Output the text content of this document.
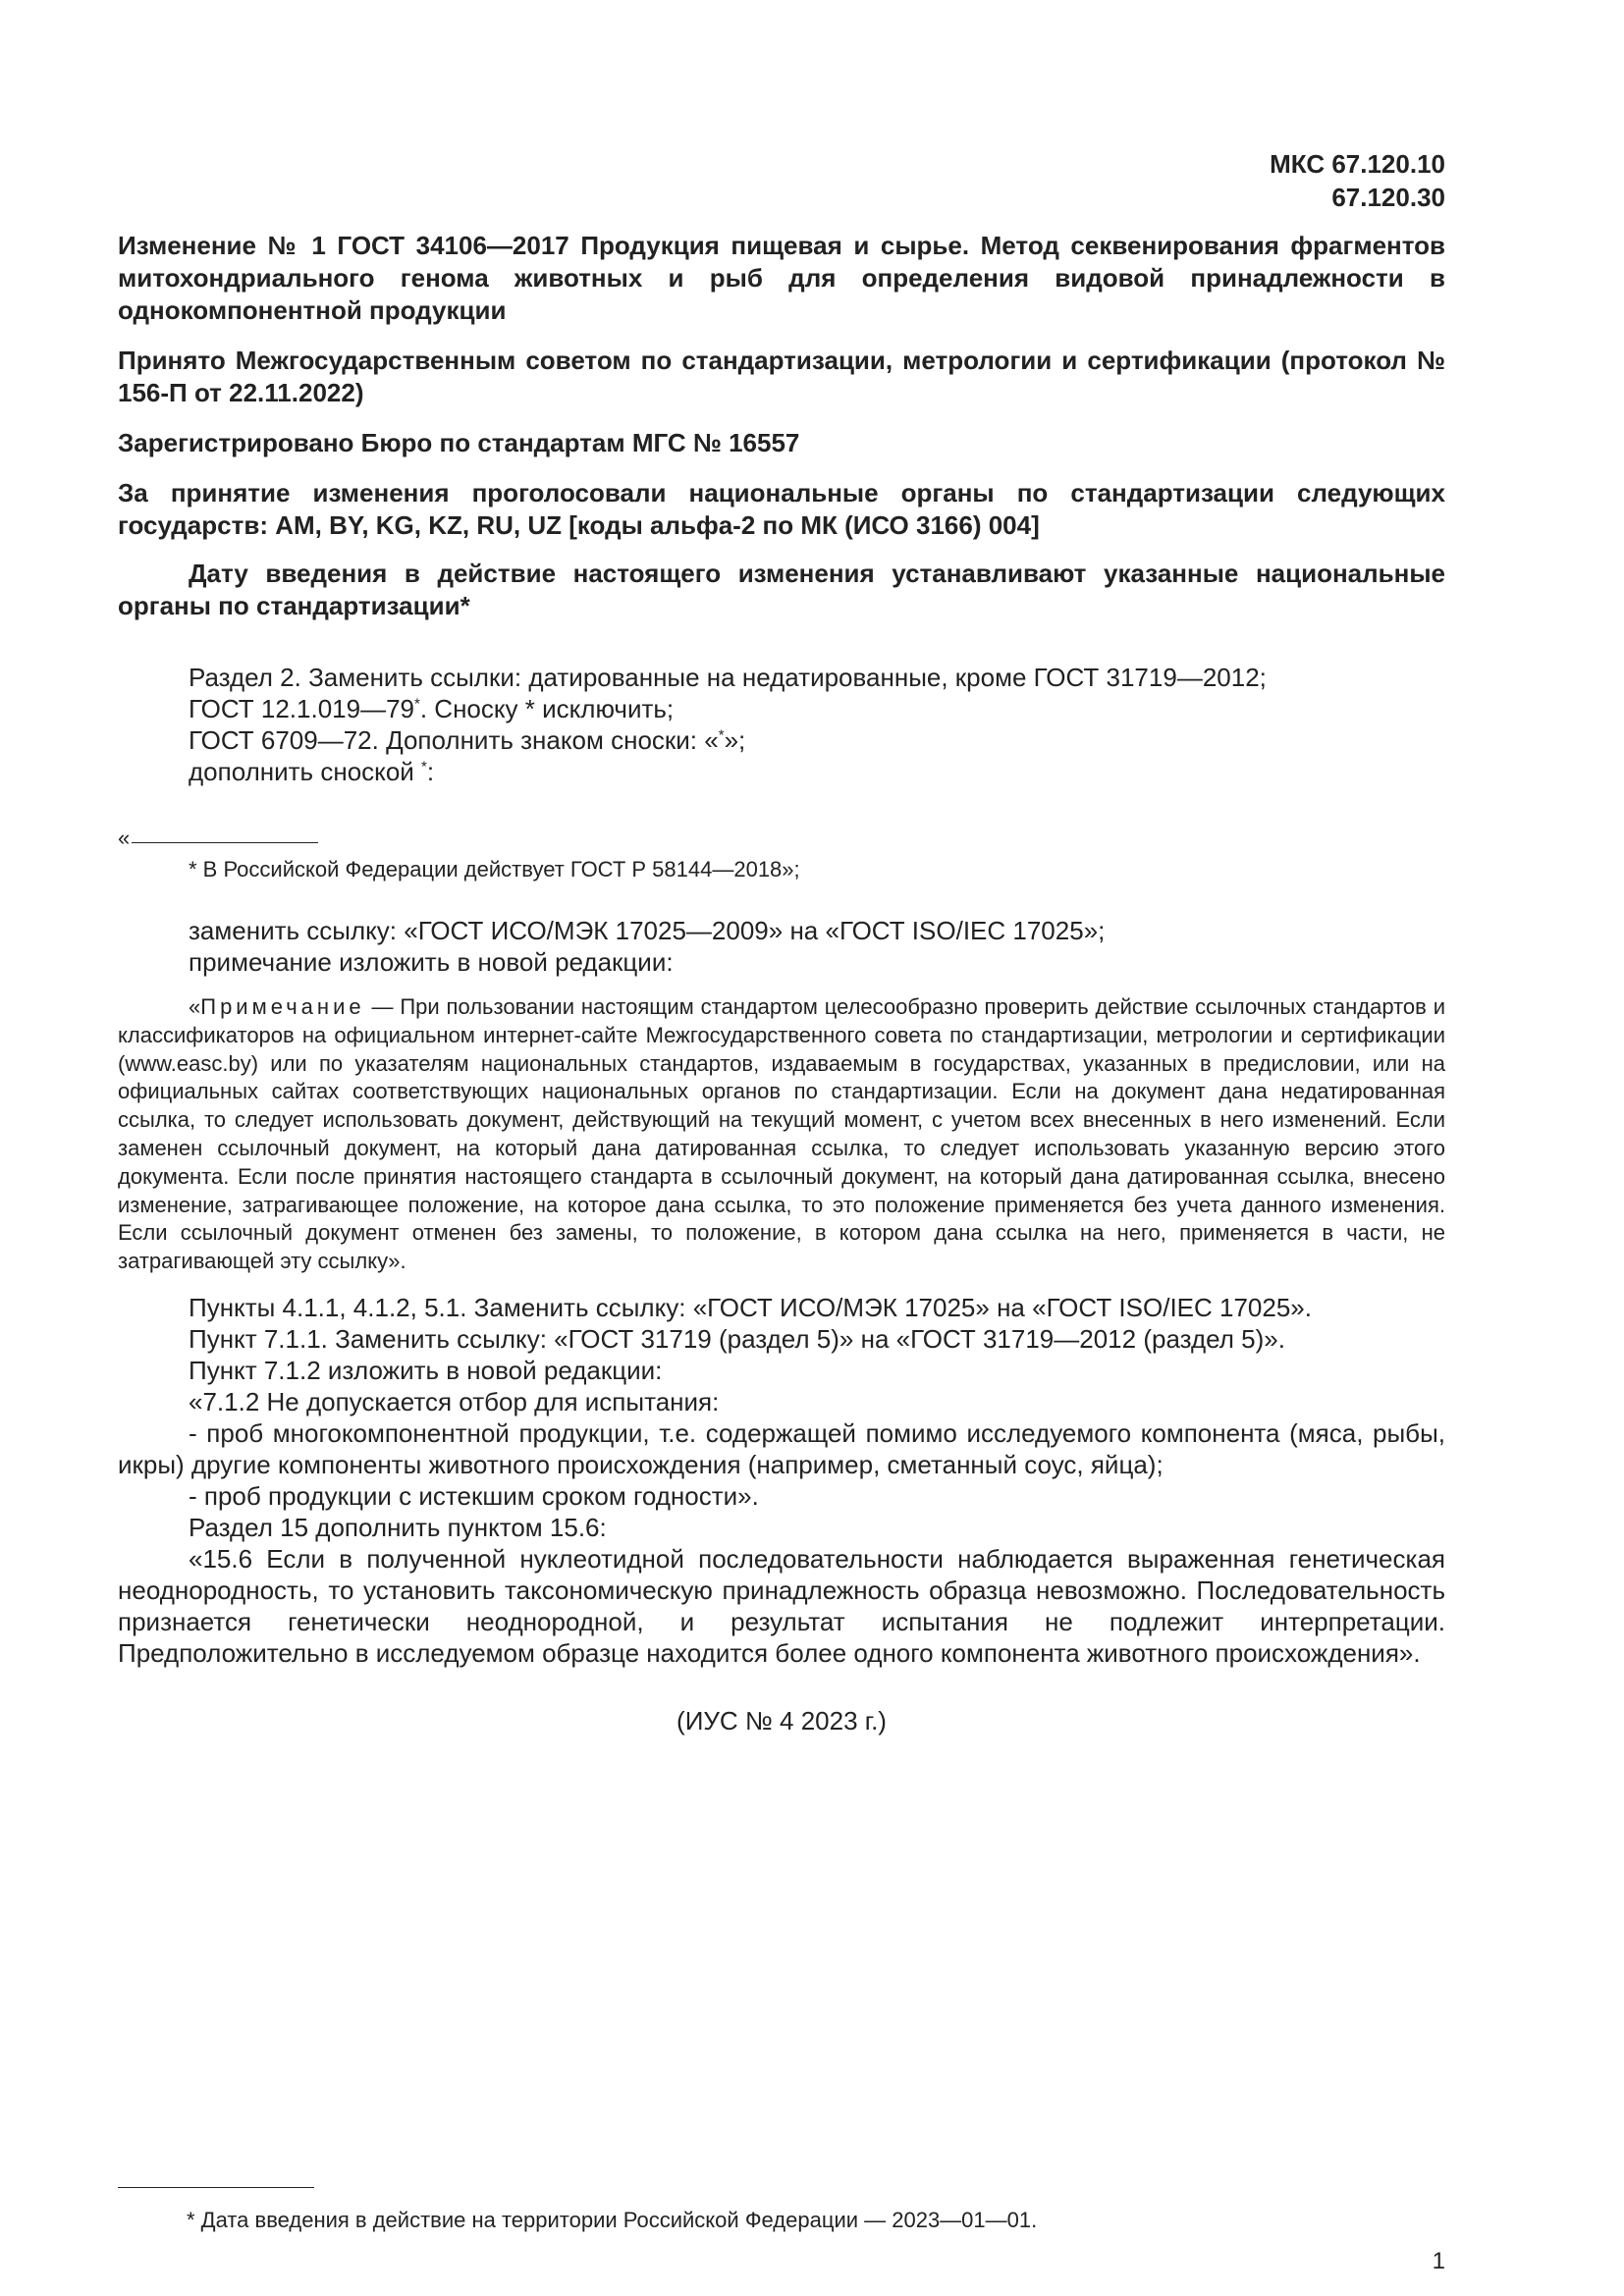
МКС 67.120.10
67.120.30

Изменение № 1 ГОСТ 34106—2017 Продукция пищевая и сырье. Метод секвенирования фрагментов митохондриального генома животных и рыб для определения видовой принадлежности в однокомпонентной продукции

Принято Межгосударственным советом по стандартизации, метрологии и сертификации (протокол № 156-П от 22.11.2022)

Зарегистрировано Бюро по стандартам МГС № 16557

За принятие изменения проголосовали национальные органы по стандартизации следующих государств: AM, BY, KG, KZ, RU, UZ [коды альфа-2 по МК (ИСО 3166) 004]

Дату введения в действие настоящего изменения устанавливают указанные национальные органы по стандартизации*

Раздел 2. Заменить ссылки: датированные на недатированные, кроме ГОСТ 31719—2012;

ГОСТ 12.1.019—79*. Сноску * исключить;

ГОСТ 6709—72. Дополнить знаком сноски: «*»;

дополнить сноской *:

«

* В Российской Федерации действует ГОСТ Р 58144—2018»;

заменить ссылку: «ГОСТ ИСО/МЭК 17025—2009» на «ГОСТ ISO/IEC 17025»;

примечание изложить в новой редакции:

«Примечание — При пользовании настоящим стандартом целесообразно проверить действие ссылочных стандартов и классификаторов на официальном интернет-сайте Межгосударственного совета по стандартизации, метрологии и сертификации (www.easc.by) или по указателям национальных стандартов, издаваемым в государствах, указанных в предисловии, или на официальных сайтах соответствующих национальных органов по стандартизации. Если на документ дана недатированная ссылка, то следует использовать документ, действующий на текущий момент, с учетом всех внесенных в него изменений. Если заменен ссылочный документ, на который дана датированная ссылка, то следует использовать указанную версию этого документа. Если после принятия настоящего стандарта в ссылочный документ, на который дана датированная ссылка, внесено изменение, затрагивающее положение, на которое дана ссылка, то это положение применяется без учета данного изменения. Если ссылочный документ отменен без замены, то положение, в котором дана ссылка на него, применяется в части, не затрагивающей эту ссылку».

Пункты 4.1.1, 4.1.2, 5.1. Заменить ссылку: «ГОСТ ИСО/МЭК 17025» на «ГОСТ ISO/IEC 17025».

Пункт 7.1.1. Заменить ссылку: «ГОСТ 31719 (раздел 5)» на «ГОСТ 31719—2012 (раздел 5)».

Пункт 7.1.2 изложить в новой редакции:

«7.1.2 Не допускается отбор для испытания:

- проб многокомпонентной продукции, т.е. содержащей помимо исследуемого компонента (мяса, рыбы, икры) другие компоненты животного происхождения (например, сметанный соус, яйца);

- проб продукции с истекшим сроком годности».

Раздел 15 дополнить пунктом 15.6:

«15.6 Если в полученной нуклеотидной последовательности наблюдается выраженная генетическая неоднородность, то установить таксономическую принадлежность образца невозможно. Последовательность признается генетически неоднородной, и результат испытания не подлежит интерпретации. Предположительно в исследуемом образце находится более одного компонента животного происхождения».

(ИУС № 4 2023 г.)
* Дата введения в действие на территории Российской Федерации — 2023—01—01.
1
